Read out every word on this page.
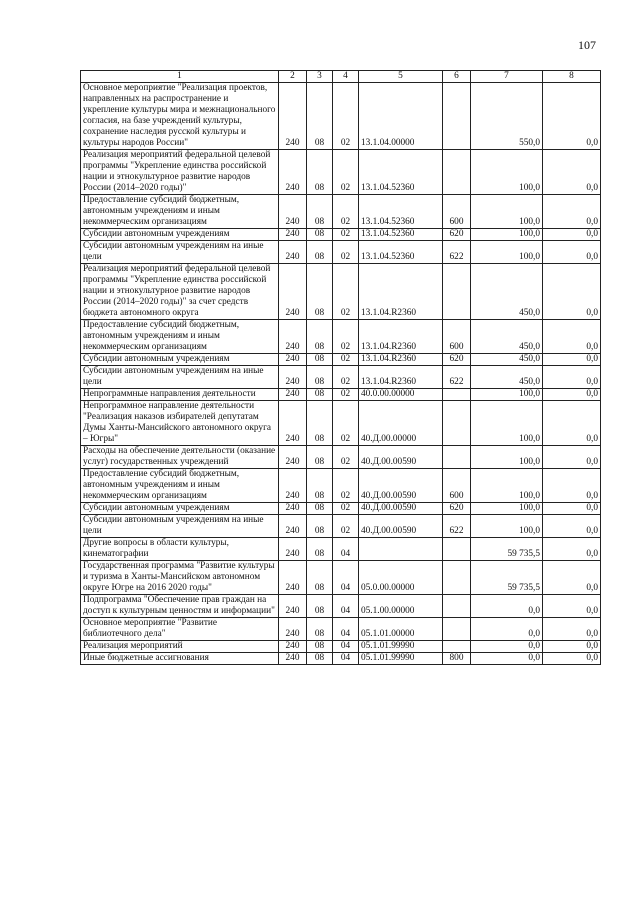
107
1	2	3	4	5	6	7	8
Основное мероприятие "Реализация проектов, направленных на распространение и укрепление культуры мира и межнационального согласия, на базе учреждений культуры, сохранение наследия русской культуры и культуры народов России"	240	08	02	13.1.04.00000		550,0	0,0
Реализация мероприятий федеральной целевой программы "Укрепление единства российской нации и этнокультурное развитие народов России (2014–2020 годы)"	240	08	02	13.1.04.52360		100,0	0,0
Предоставление субсидий бюджетным, автономным учреждениям и иным некоммерческим организациям	240	08	02	13.1.04.52360	600	100,0	0,0
Субсидии автономным учреждениям	240	08	02	13.1.04.52360	620	100,0	0,0
Субсидии автономным учреждениям на иные цели	240	08	02	13.1.04.52360	622	100,0	0,0
Реализация мероприятий федеральной целевой программы "Укрепление единства российской нации и этнокультурное развитие народов России (2014–2020 годы)" за счет средств бюджета автономного округа	240	08	02	13.1.04.R2360		450,0	0,0
Предоставление субсидий бюджетным, автономным учреждениям и иным некоммерческим организациям	240	08	02	13.1.04.R2360	600	450,0	0,0
Субсидии автономным учреждениям	240	08	02	13.1.04.R2360	620	450,0	0,0
Субсидии автономным учреждениям на иные цели	240	08	02	13.1.04.R2360	622	450,0	0,0
Непрограммные направления деятельности	240	08	02	40.0.00.00000		100,0	0,0
Непрограммное направление деятельности "Реализация наказов избирателей депутатам Думы Ханты-Мансийского автономного округа – Югры"	240	08	02	40.Д.00.00000		100,0	0,0
Расходы на обеспечение деятельности (оказание услуг) государственных учреждений	240	08	02	40.Д.00.00590		100,0	0,0
Предоставление субсидий бюджетным, автономным учреждениям и иным некоммерческим организациям	240	08	02	40.Д.00.00590	600	100,0	0,0
Субсидии автономным учреждениям	240	08	02	40.Д.00.00590	620	100,0	0,0
Субсидии автономным учреждениям на иные цели	240	08	02	40.Д.00.00590	622	100,0	0,0
Другие вопросы в области культуры, кинематографии	240	08	04			59 735,5	0,0
Государственная программа "Развитие культуры и туризма в Ханты-Мансийском автономном округе Югре на 2016 2020 годы"	240	08	04	05.0.00.00000		59 735,5	0,0
Подпрограмма "Обеспечение прав граждан на доступ к культурным ценностям и информации"	240	08	04	05.1.00.00000		0,0	0,0
Основное мероприятие "Развитие библиотечного дела"	240	08	04	05.1.01.00000		0,0	0,0
Реализация мероприятий	240	08	04	05.1.01.99990		0,0	0,0
Иные бюджетные ассигнования	240	08	04	05.1.01.99990	800	0,0	0,0
